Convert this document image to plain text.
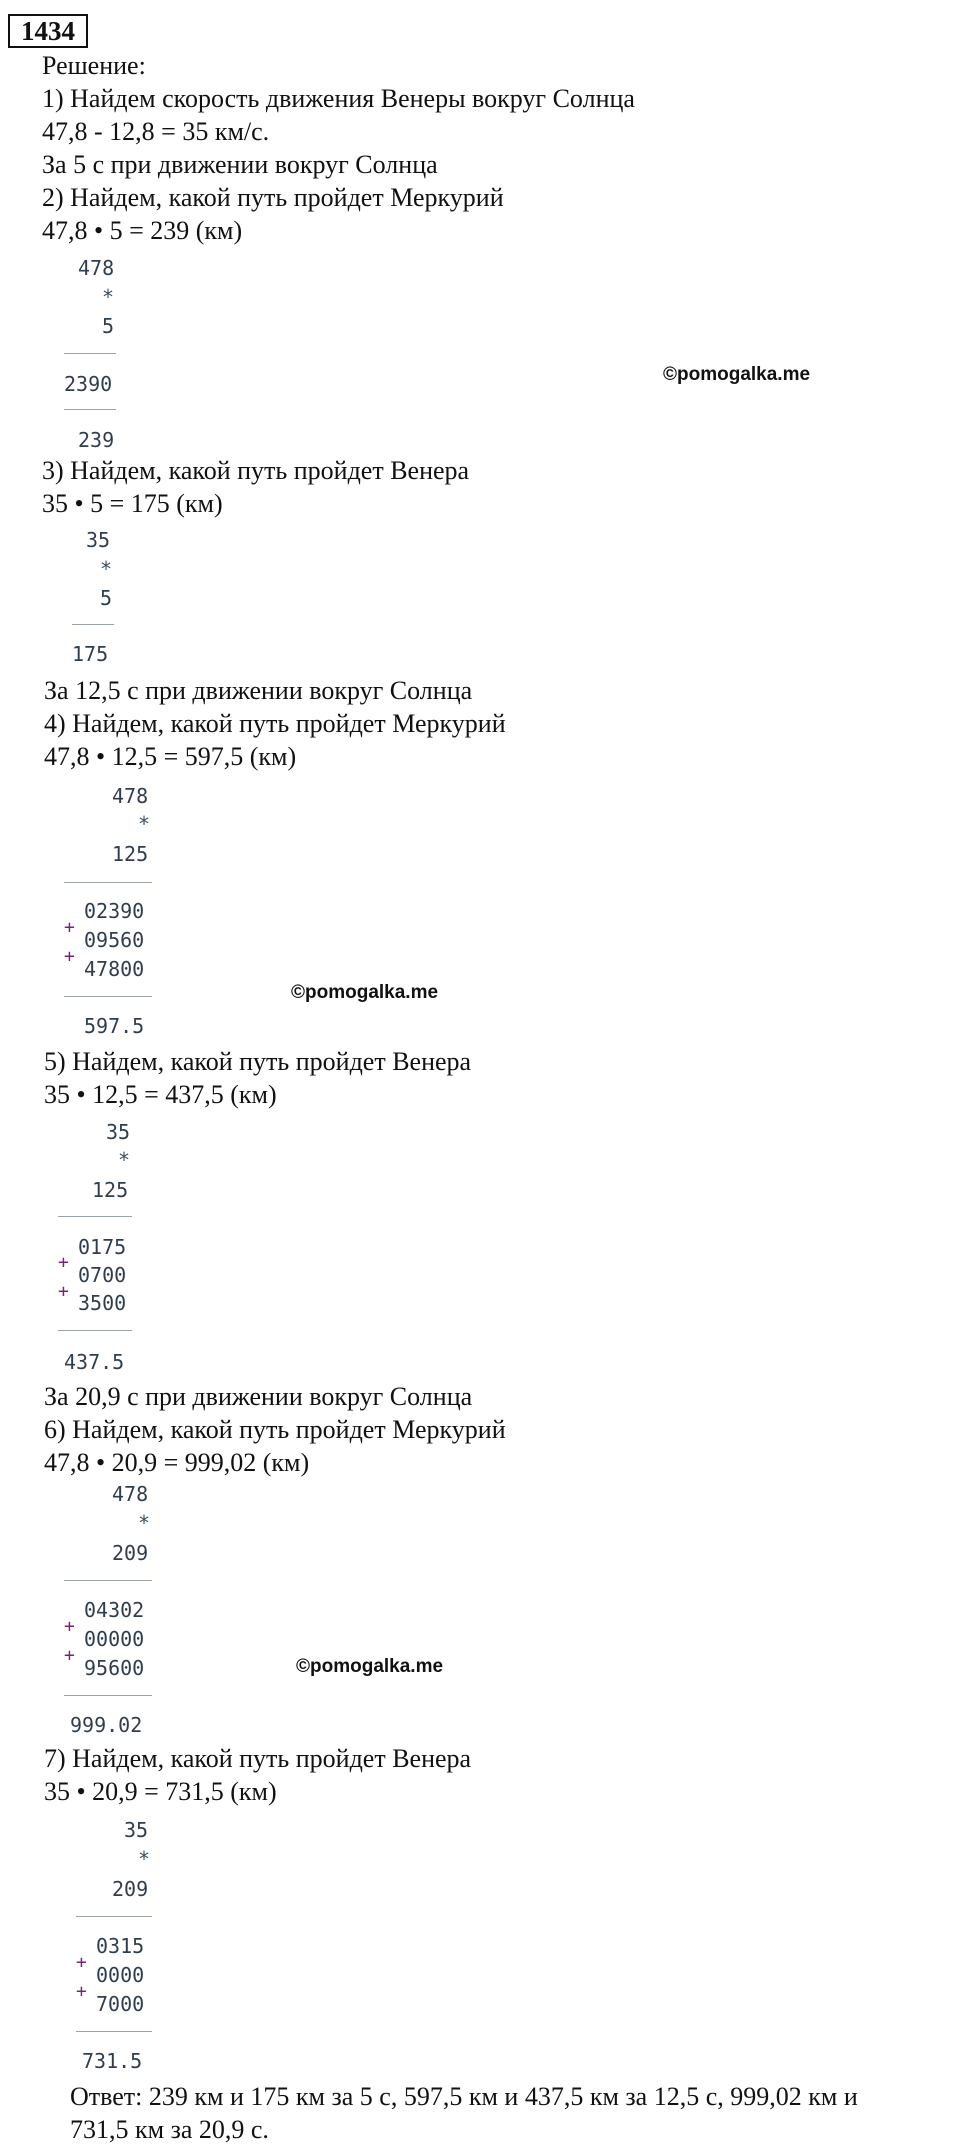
1434
Решение:
1) Найдем скорость движения Венеры вокруг Солнца
47,8 - 12,8 = 35 км/с.
За 5 с при движении вокруг Солнца
2) Найдем, какой путь пройдет Меркурий
47,8 • 5 = 239 (км)
478
*
5
2390
239
©pomogalka.me
3) Найдем, какой путь пройдет Венера
35 • 5 = 175 (км)
35
*
5
175
За 12,5 с при движении вокруг Солнца
4) Найдем, какой путь пройдет Меркурий
47,8 • 12,5 = 597,5 (км)
478
*
125
02390
+
09560
+
47800
597.5
©pomogalka.me
5) Найдем, какой путь пройдет Венера
35 • 12,5 = 437,5 (км)
35
*
125
0175
+
0700
+ 3500
437.5
За 20,9 с при движении вокруг Солнца
6) Найдем, какой путь пройдет Меркурий
47,8 • 20,9 = 999,02 (км)
478
*
209
04302
+
00000
+
95600
999.02
©pomogalka.me
7) Найдем, какой путь пройдет Венера
35 • 20,9 = 731,5 (км)
35
*
209
0315
+
0000
+
7000
731.5
Ответ: 239 км и 175 км за 5 с, 597,5 км и 437,5 км за 12,5 с, 999,02 км и
731,5 км за 20,9 с.
